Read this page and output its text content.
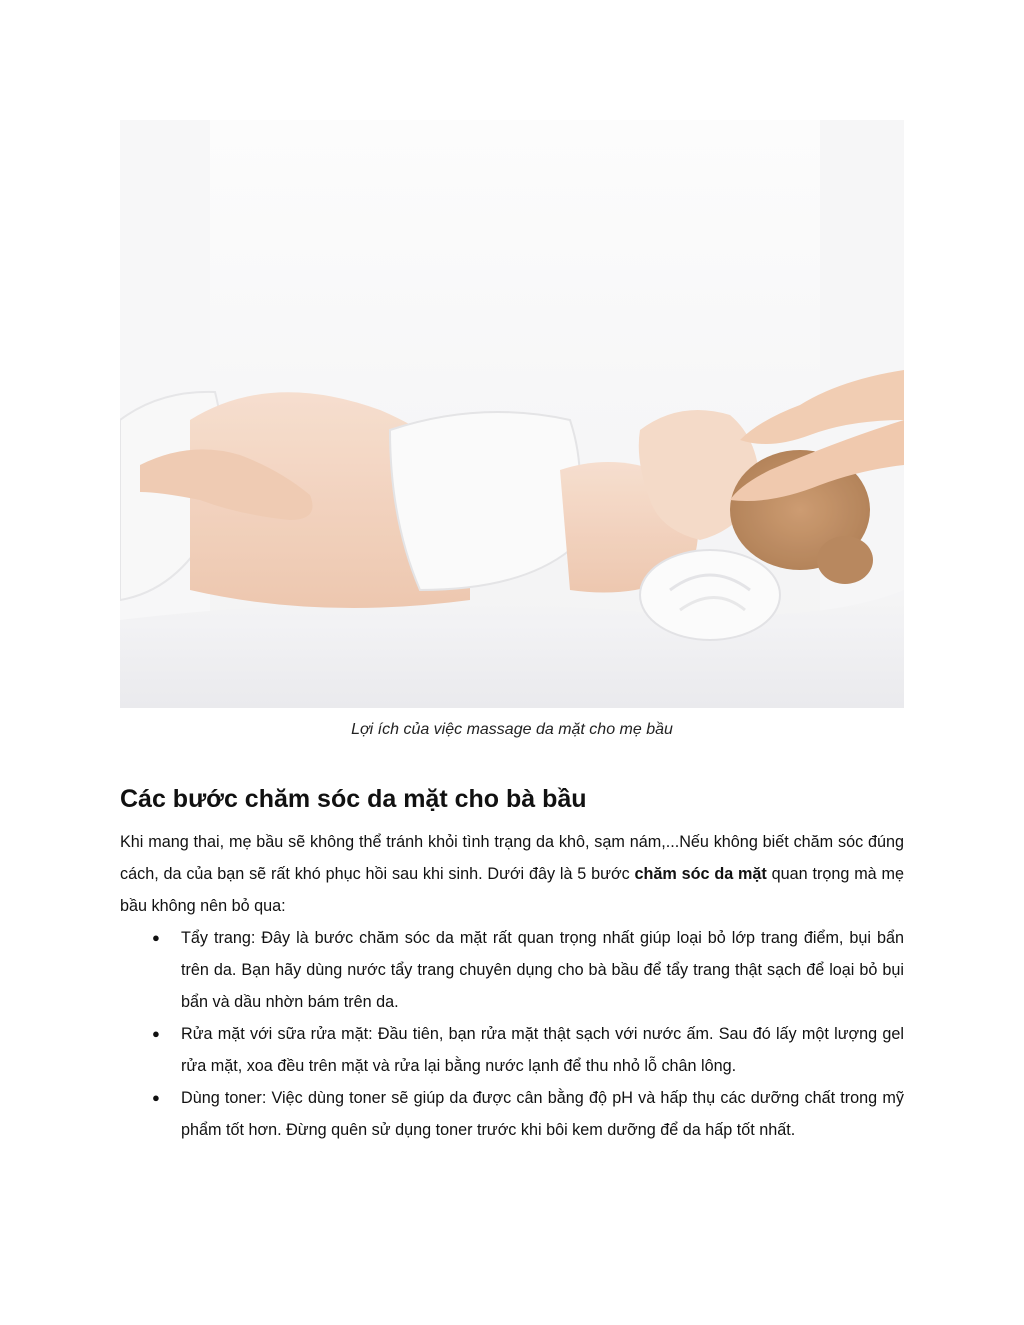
Lợi ích của việc massage da mặt cho mẹ bầu
Các bước chăm sóc da mặt cho bà bầu

Khi mang thai, mẹ bầu sẽ không thể tránh khỏi tình trạng da khô, sạm nám,...Nếu không biết chăm sóc đúng cách, da của bạn sẽ rất khó phục hồi sau khi sinh. Dưới đây là 5 bước chăm sóc da mặt quan trọng mà mẹ bầu không nên bỏ qua:

● Tẩy trang: Đây là bước chăm sóc da mặt rất quan trọng nhất giúp loại bỏ lớp trang điểm, bụi bẩn trên da. Bạn hãy dùng nước tẩy trang chuyên dụng cho bà bầu để tẩy trang thật sạch để loại bỏ bụi bẩn và dầu nhờn bám trên da.
● Rửa mặt với sữa rửa mặt: Đầu tiên, bạn rửa mặt thật sạch với nước ấm. Sau đó lấy một lượng gel rửa mặt, xoa đều trên mặt và rửa lại bằng nước lạnh để thu nhỏ lỗ chân lông.
● Dùng toner: Việc dùng toner sẽ giúp da được cân bằng độ pH và hấp thụ các dưỡng chất trong mỹ phẩm tốt hơn. Đừng quên sử dụng toner trước khi bôi kem dưỡng để da hấp tốt nhất.
